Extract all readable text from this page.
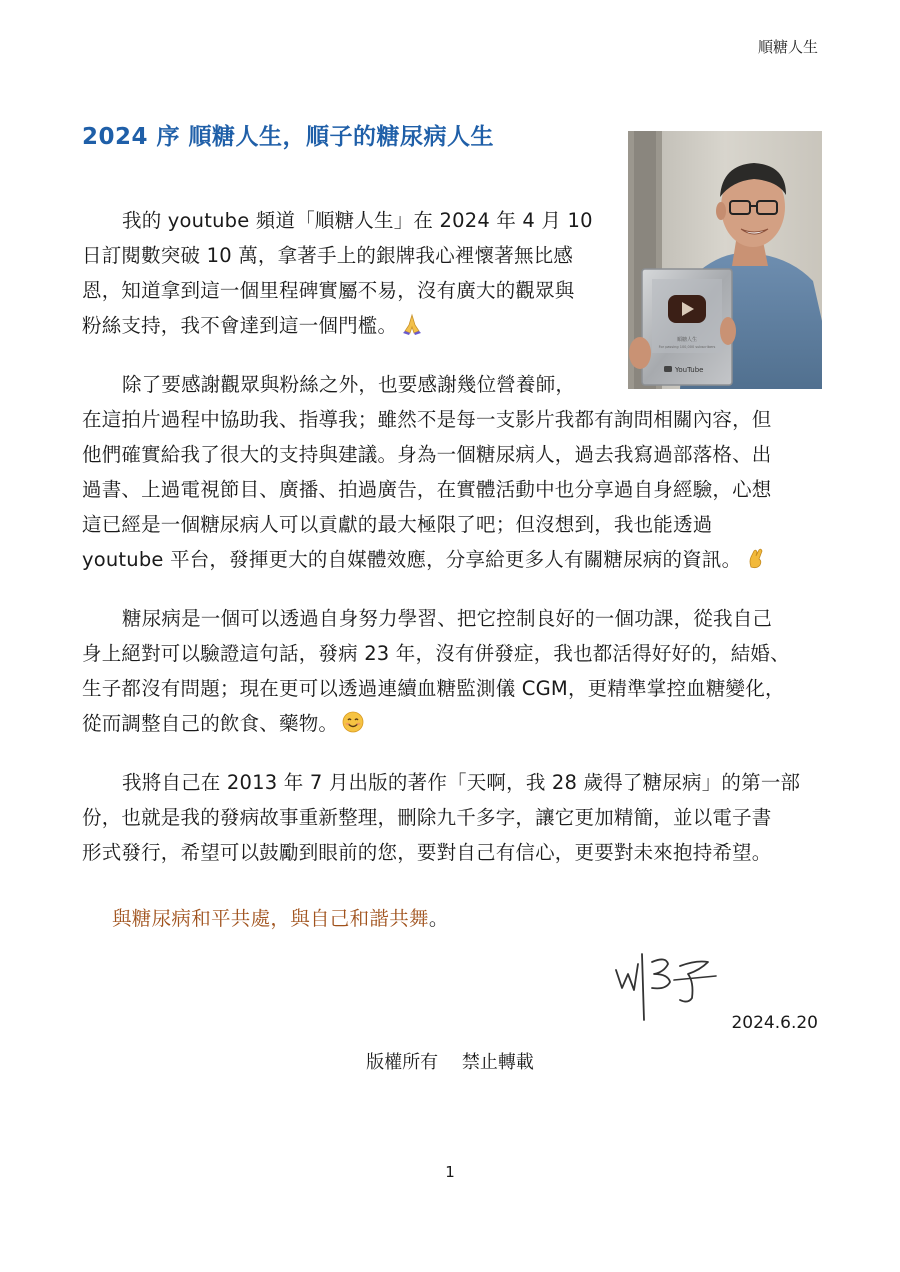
順糖人生
2024 序 順糖人生，順子的糖尿病人生
順糖人生
For passing 100,000 subscribers
YouTube
我的 youtube 頻道「順糖人生」在 2024 年 4 月 10
日訂閱數突破 10 萬，拿著手上的銀牌我心裡懷著無比感
恩，知道拿到這一個里程碑實屬不易，沒有廣大的觀眾與
粉絲支持，我不會達到這一個門檻。
除了要感謝觀眾與粉絲之外，也要感謝幾位營養師，
在這拍片過程中協助我、指導我；雖然不是每一支影片我都有詢問相關內容，但
他們確實給我了很大的支持與建議。身為一個糖尿病人，過去我寫過部落格、出
過書、上過電視節目、廣播、拍過廣告，在實體活動中也分享過自身經驗，心想
這已經是一個糖尿病人可以貢獻的最大極限了吧；但沒想到，我也能透過
youtube 平台，發揮更大的自媒體效應，分享給更多人有關糖尿病的資訊。
糖尿病是一個可以透過自身努力學習、把它控制良好的一個功課，從我自己
身上絕對可以驗證這句話，發病 23 年，沒有併發症，我也都活得好好的，結婚、
生子都沒有問題；現在更可以透過連續血糖監測儀 CGM，更精準掌控血糖變化，
從而調整自己的飲食、藥物。
我將自己在 2013 年 7 月出版的著作「天啊，我 28 歲得了糖尿病」的第一部
份，也就是我的發病故事重新整理，刪除九千多字，讓它更加精簡，並以電子書
形式發行，希望可以鼓勵到眼前的您，要對自己有信心，更要對未來抱持希望。
與糖尿病和平共處，與自己和諧共舞。
2024.6.20
版權所有 禁止轉載
1
